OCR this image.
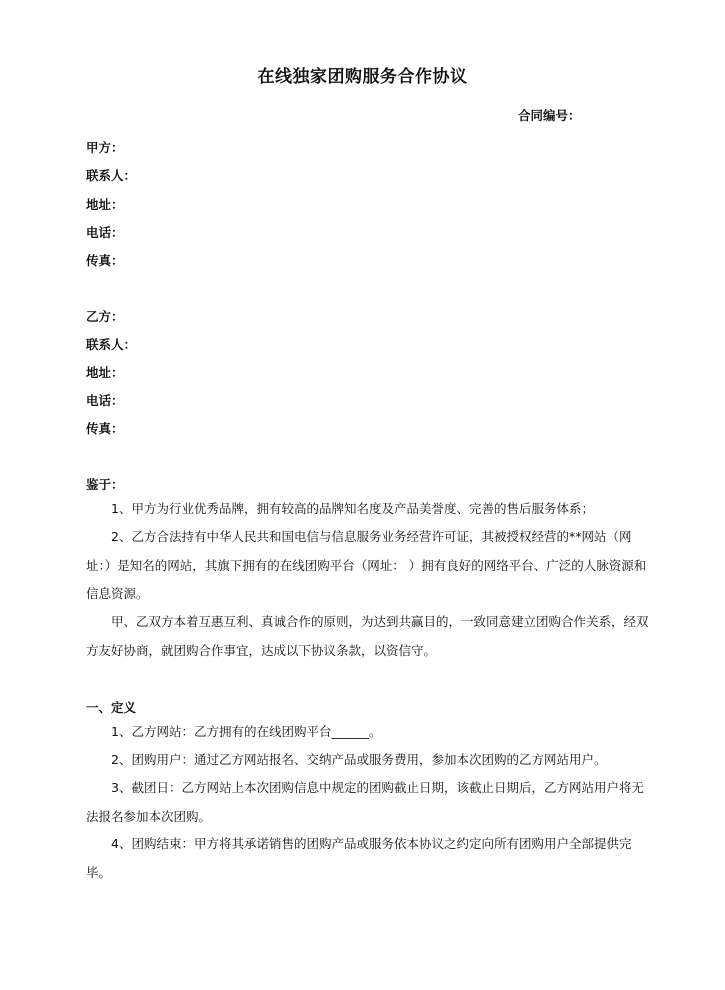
在线独家团购服务合作协议
合同编号：
甲方：
联系人：
地址：
电话：
传真：
乙方：
联系人：
地址：
电话：
传真：
鉴于：
1、甲方为行业优秀品牌，拥有较高的品牌知名度及产品美誉度、完善的售后服务体系；
2、乙方合法持有中华人民共和国电信与信息服务业务经营许可证，其被授权经营的**网站（网址：）是知名的网站，其旗下拥有的在线团购平台（网址： ）拥有良好的网络平台、广泛的人脉资源和信息资源。
甲、乙双方本着互惠互利、真诚合作的原则，为达到共赢目的，一致同意建立团购合作关系，经双方友好协商，就团购合作事宜，达成以下协议条款，以资信守。
一、定义
1、乙方网站：乙方拥有的在线团购平台______。
2、团购用户：通过乙方网站报名、交纳产品或服务费用，参加本次团购的乙方网站用户。
3、截团日：乙方网站上本次团购信息中规定的团购截止日期，该截止日期后，乙方网站用户将无法报名参加本次团购。
4、团购结束：甲方将其承诺销售的团购产品或服务依本协议之约定向所有团购用户全部提供完毕。
